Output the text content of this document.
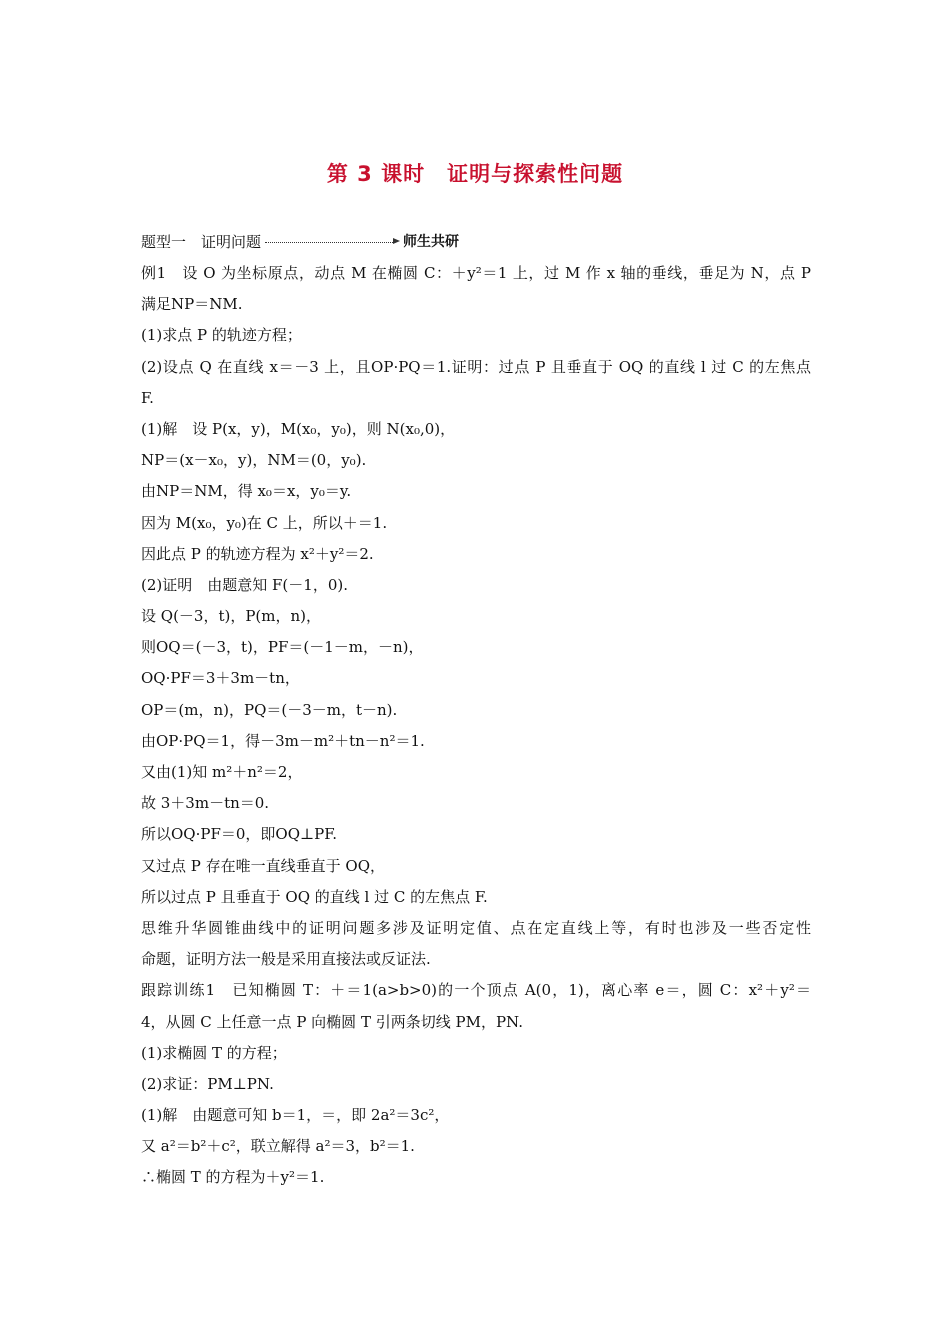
第 3 课时　证明与探索性问题
题型一　证明问题	师生共研
例1　设 O 为坐标原点，动点 M 在椭圆 C：＋y²＝1 上，过 M 作 x 轴的垂线，垂足为 N，点 P
满足NP＝NM.
(1)求点 P 的轨迹方程；
(2)设点 Q 在直线 x＝－3 上，且OP·PQ＝1.证明：过点 P 且垂直于 OQ 的直线 l 过 C 的左焦点
F.
(1)解　设 P(x，y)，M(x₀，y₀)，则 N(x₀,0)，
NP＝(x－x₀，y)，NM＝(0，y₀).
由NP＝NM，得 x₀＝x，y₀＝y.
因为 M(x₀，y₀)在 C 上，所以＋＝1.
因此点 P 的轨迹方程为 x²＋y²＝2.
(2)证明　由题意知 F(－1，0).
设 Q(－3，t)，P(m，n)，
则OQ＝(－3，t)，PF＝(－1－m，－n)，
OQ·PF＝3＋3m－tn，
OP＝(m，n)，PQ＝(－3－m，t－n).
由OP·PQ＝1，得－3m－m²＋tn－n²＝1.
又由(1)知 m²＋n²＝2，
故 3＋3m－tn＝0.
所以OQ·PF＝0，即OQ⊥PF.
又过点 P 存在唯一直线垂直于 OQ，
所以过点 P 且垂直于 OQ 的直线 l 过 C 的左焦点 F.
思维升华圆锥曲线中的证明问题多涉及证明定值、点在定直线上等，有时也涉及一些否定性
命题，证明方法一般是采用直接法或反证法.
跟踪训练1　已知椭圆 T：＋＝1(a>b>0)的一个顶点 A(0，1)，离心率 e＝，圆 C：x²＋y²＝
4，从圆 C 上任意一点 P 向椭圆 T 引两条切线 PM，PN.
(1)求椭圆 T 的方程；
(2)求证：PM⊥PN.
(1)解　由题意可知 b＝1，＝，即 2a²＝3c²，
又 a²＝b²＋c²，联立解得 a²＝3，b²＝1.
∴椭圆 T 的方程为＋y²＝1.
